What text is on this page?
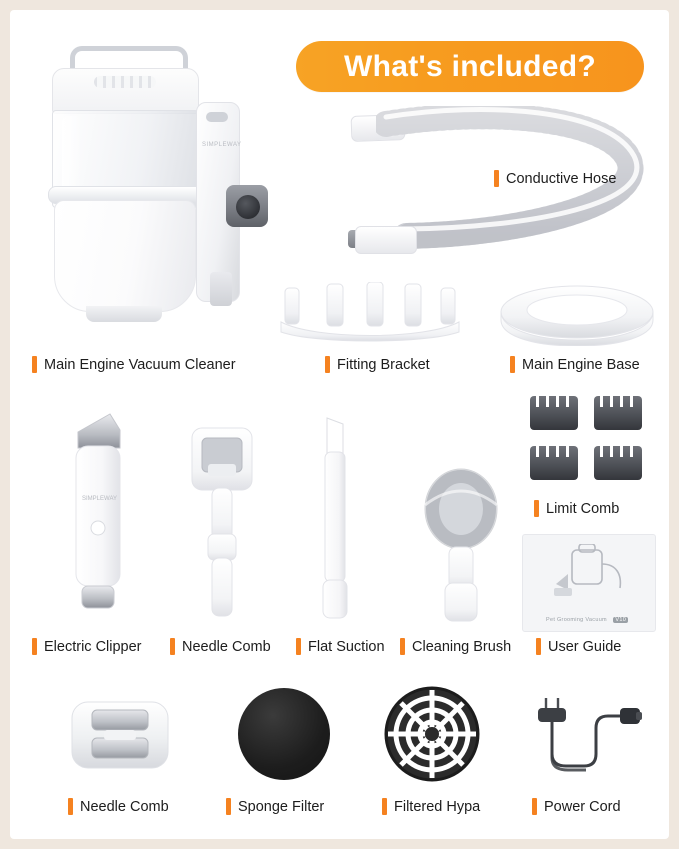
What's included?
SIMPLEWAY
Main Engine Vacuum Cleaner
Conductive Hose
Fitting Bracket	Main Engine Base
SIMPLEWAY
Electric Clipper	Needle Comb	Flat Suction Cleaning Brush
Limit Comb
Pet Grooming Vacuum V10
User Guide
Needle Comb	Sponge Filter	Filtered Hypa	Power Cord
